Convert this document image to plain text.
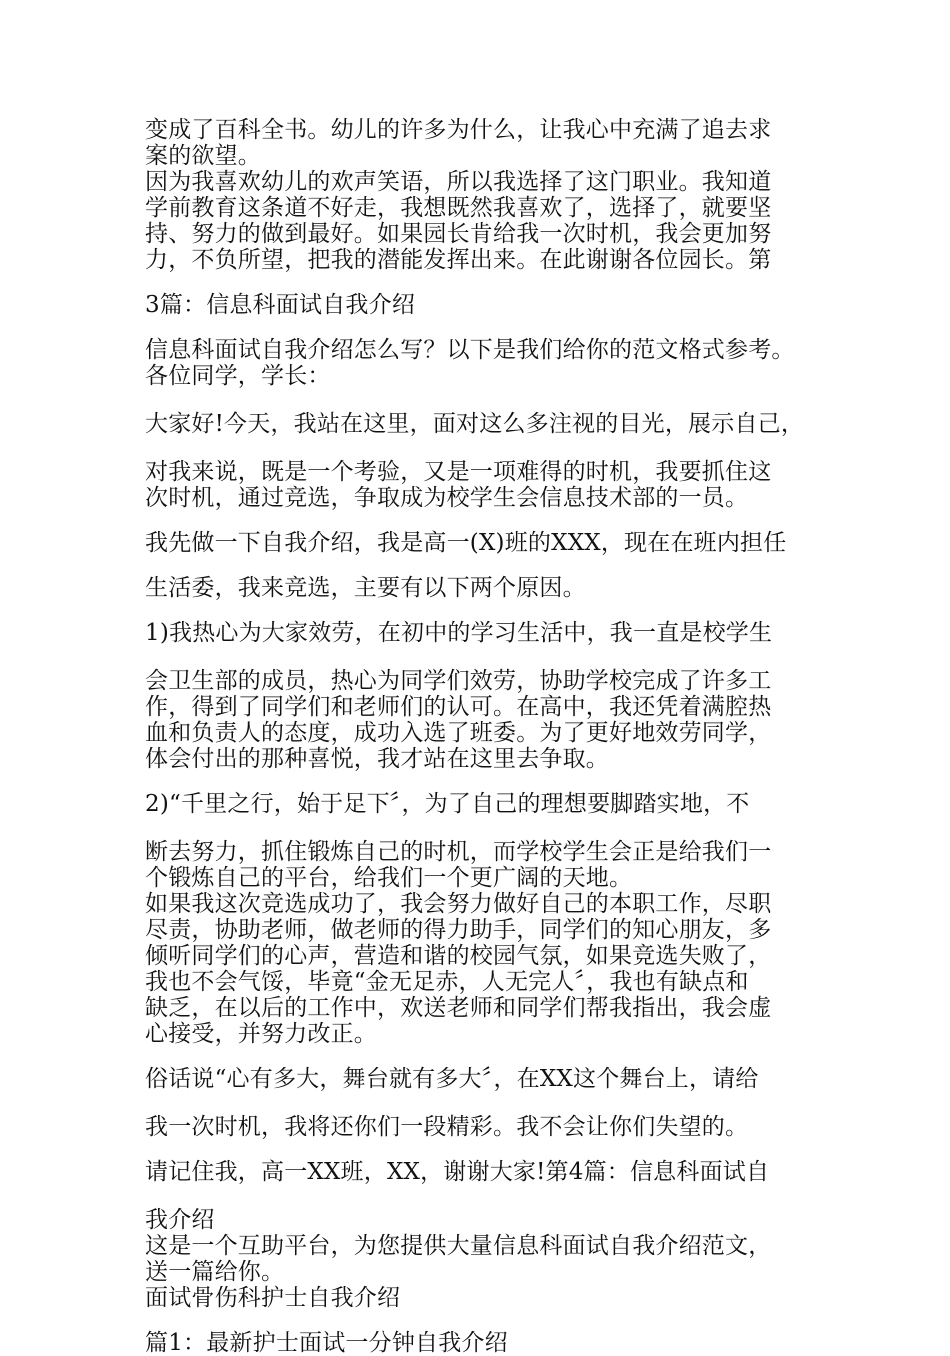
变成了百科全书。幼儿的许多为什么，让我心中充满了追去求
案的欲望。
因为我喜欢幼儿的欢声笑语，所以我选择了这门职业。我知道
学前教育这条道不好走，我想既然我喜欢了，选择了，就要坚
持、努力的做到最好。如果园长肯给我一次时机，我会更加努
力，不负所望，把我的潜能发挥出来。在此谢谢各位园长。第
3篇：信息科面试自我介绍
信息科面试自我介绍怎么写？以下是我们给你的范文格式参考。
各位同学，学长：
大家好!今天，我站在这里，面对这么多注视的目光，展示自己，
对我来说，既是一个考验，又是一项难得的时机，我要抓住这
次时机，通过竞选，争取成为校学生会信息技术部的一员。
我先做一下自我介绍，我是高一(X)班的XXX，现在在班内担任
生活委，我来竞选，主要有以下两个原因。
1)我热心为大家效劳，在初中的学习生活中，我一直是校学生
会卫生部的成员，热心为同学们效劳，协助学校完成了许多工
作，得到了同学们和老师们的认可。在高中，我还凭着满腔热
血和负责人的态度，成功入选了班委。为了更好地效劳同学，
体会付出的那种喜悦，我才站在这里去争取。
2)“千里之行，始于足下〞，为了自己的理想要脚踏实地，不
断去努力，抓住锻炼自己的时机，而学校学生会正是给我们一
个锻炼自己的平台，给我们一个更广阔的天地。
如果我这次竞选成功了，我会努力做好自己的本职工作，尽职
尽责，协助老师，做老师的得力助手，同学们的知心朋友，多
倾听同学们的心声，营造和谐的校园气氛，如果竞选失败了，
我也不会气馁，毕竟“金无足赤，人无完人〞，我也有缺点和
缺乏，在以后的工作中，欢送老师和同学们帮我指出，我会虚
心接受，并努力改正。
俗话说“心有多大，舞台就有多大〞，在XX这个舞台上，请给
我一次时机，我将还你们一段精彩。我不会让你们失望的。
请记住我，高一XX班，XX，谢谢大家!第4篇：信息科面试自
我介绍
这是一个互助平台，为您提供大量信息科面试自我介绍范文，
送一篇给你。
面试骨伤科护士自我介绍
篇1：最新护士面试一分钟自我介绍
